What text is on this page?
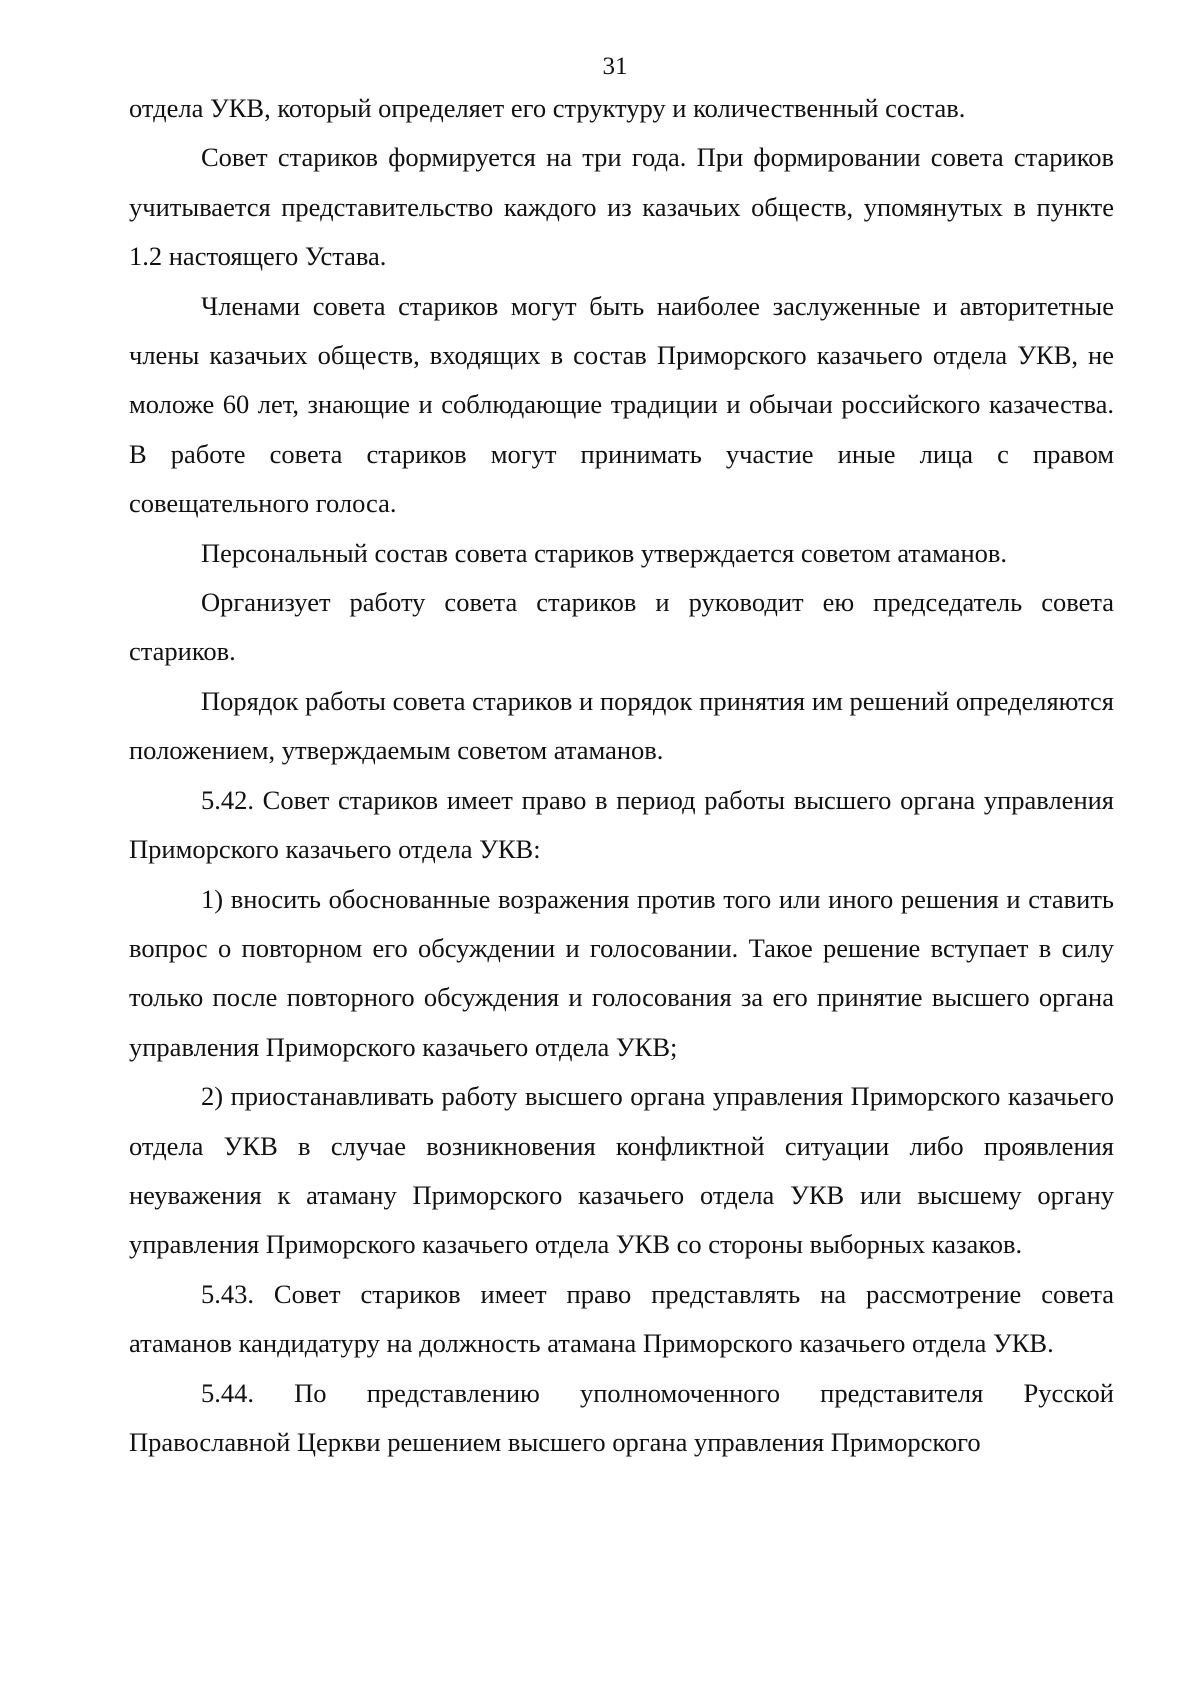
31

отдела УКВ, который определяет его структуру и количественный состав.

Совет стариков формируется на три года. При формировании совета стариков учитывается представительство каждого из казачьих обществ, упомянутых в пункте 1.2 настоящего Устава.

Членами совета стариков могут быть наиболее заслуженные и авторитетные члены казачьих обществ, входящих в состав Приморского казачьего отдела УКВ, не моложе 60 лет, знающие и соблюдающие традиции и обычаи российского казачества. В работе совета стариков могут принимать участие иные лица с правом совещательного голоса.

Персональный состав совета стариков утверждается советом атаманов.

Организует работу совета стариков и руководит ею председатель совета стариков.

Порядок работы совета стариков и порядок принятия им решений определяются положением, утверждаемым советом атаманов.

5.42. Совет стариков имеет право в период работы высшего органа управления Приморского казачьего отдела УКВ:

1) вносить обоснованные возражения против того или иного решения и ставить вопрос о повторном его обсуждении и голосовании. Такое решение вступает в силу только после повторного обсуждения и голосования за его принятие высшего органа управления Приморского казачьего отдела УКВ;

2) приостанавливать работу высшего органа управления Приморского казачьего отдела УКВ в случае возникновения конфликтной ситуации либо проявления неуважения к атаману Приморского казачьего отдела УКВ или высшему органу управления Приморского казачьего отдела УКВ со стороны выборных казаков.

5.43. Совет стариков имеет право представлять на рассмотрение совета атаманов кандидатуру на должность атамана Приморского казачьего отдела УКВ.

5.44. По представлению уполномоченного представителя Русской Православной Церкви решением высшего органа управления Приморского
